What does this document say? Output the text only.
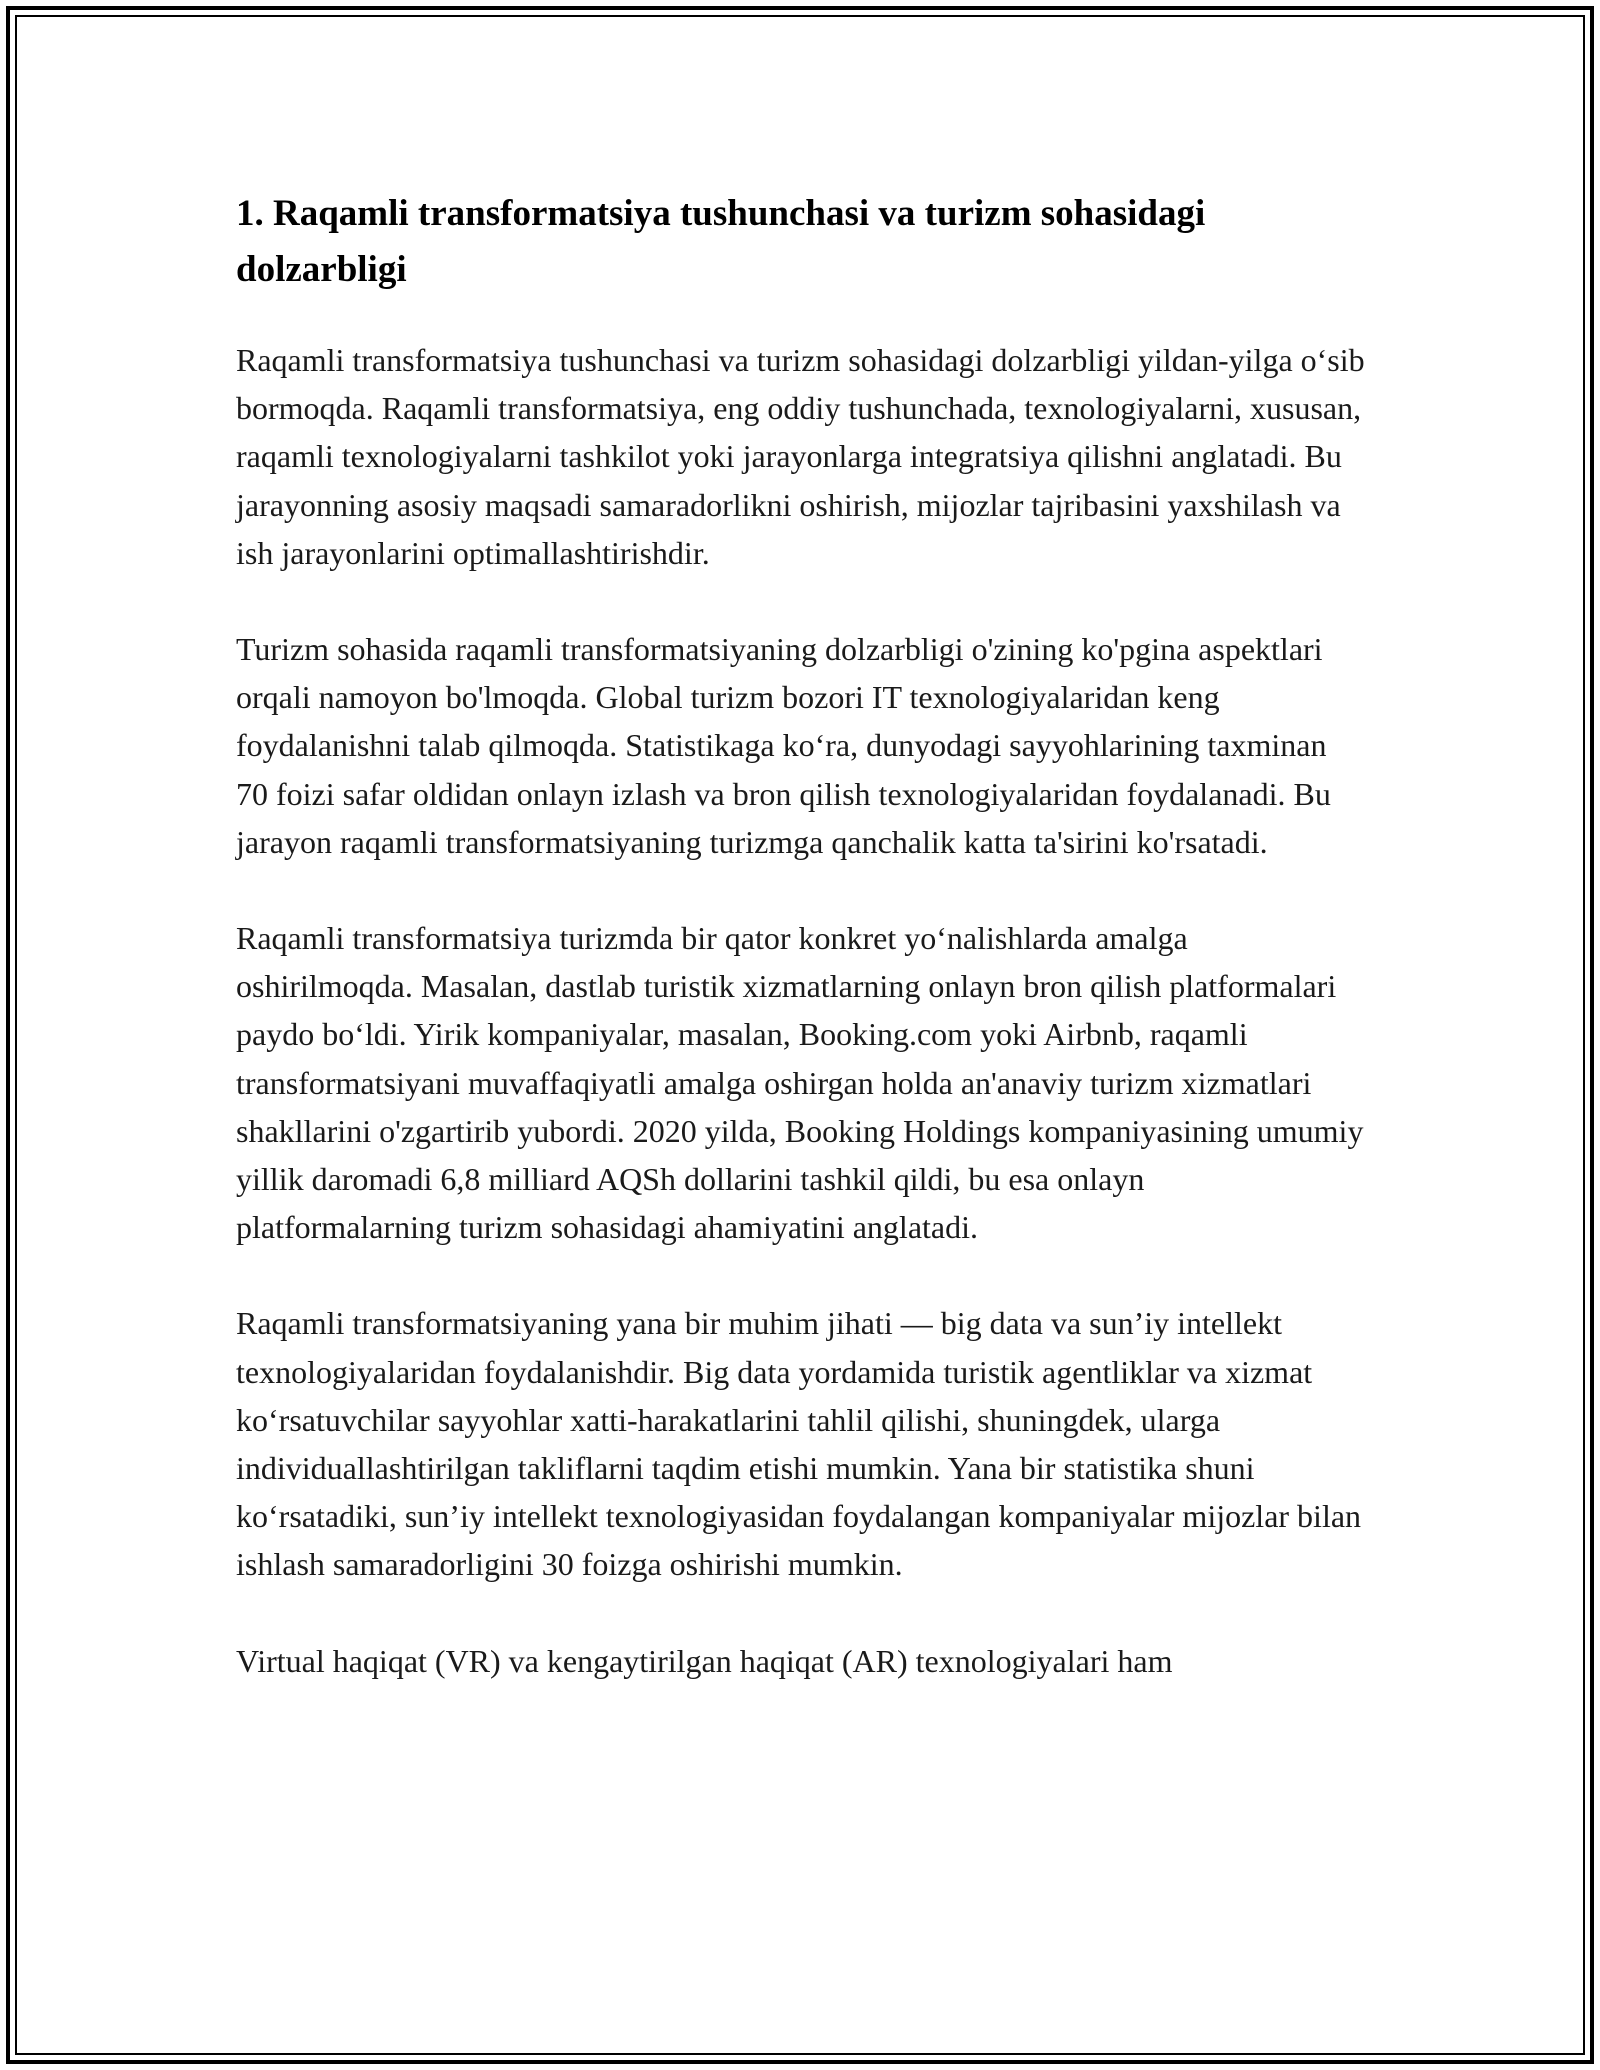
1. Raqamli transformatsiya tushunchasi va turizm sohasidagi dolzarbligi

Raqamli transformatsiya tushunchasi va turizm sohasidagi dolzarbligi yildan-yilga o‘sib bormoqda. Raqamli transformatsiya, eng oddiy tushunchada, texnologiyalarni, xususan, raqamli texnologiyalarni tashkilot yoki jarayonlarga integratsiya qilishni anglatadi. Bu jarayonning asosiy maqsadi samaradorlikni oshirish, mijozlar tajribasini yaxshilash va ish jarayonlarini optimallashtirishdir.

Turizm sohasida raqamli transformatsiyaning dolzarbligi o'zining ko'pgina aspektlari orqali namoyon bo'lmoqda. Global turizm bozori IT texnologiyalaridan keng foydalanishni talab qilmoqda. Statistikaga ko‘ra, dunyodagi sayyohlarining taxminan 70 foizi safar oldidan onlayn izlash va bron qilish texnologiyalaridan foydalanadi. Bu jarayon raqamli transformatsiyaning turizmga qanchalik katta ta'sirini ko'rsatadi.

Raqamli transformatsiya turizmda bir qator konkret yo‘nalishlarda amalga oshirilmoqda. Masalan, dastlab turistik xizmatlarning onlayn bron qilish platformalari paydo bo‘ldi. Yirik kompaniyalar, masalan, Booking.com yoki Airbnb, raqamli transformatsiyani muvaffaqiyatli amalga oshirgan holda an'anaviy turizm xizmatlari shakllarini o'zgartirib yubordi. 2020 yilda, Booking Holdings kompaniyasining umumiy yillik daromadi 6,8 milliard AQSh dollarini tashkil qildi, bu esa onlayn platformalarning turizm sohasidagi ahamiyatini anglatadi.

Raqamli transformatsiyaning yana bir muhim jihati — big data va sun’iy intellekt texnologiyalaridan foydalanishdir. Big data yordamida turistik agentliklar va xizmat ko‘rsatuvchilar sayyohlar xatti-harakatlarini tahlil qilishi, shuningdek, ularga individuallashtirilgan takliflarni taqdim etishi mumkin. Yana bir statistika shuni ko‘rsatadiki, sun’iy intellekt texnologiyasidan foydalangan kompaniyalar mijozlar bilan ishlash samaradorligini 30 foizga oshirishi mumkin.

Virtual haqiqat (VR) va kengaytirilgan haqiqat (AR) texnologiyalari ham
